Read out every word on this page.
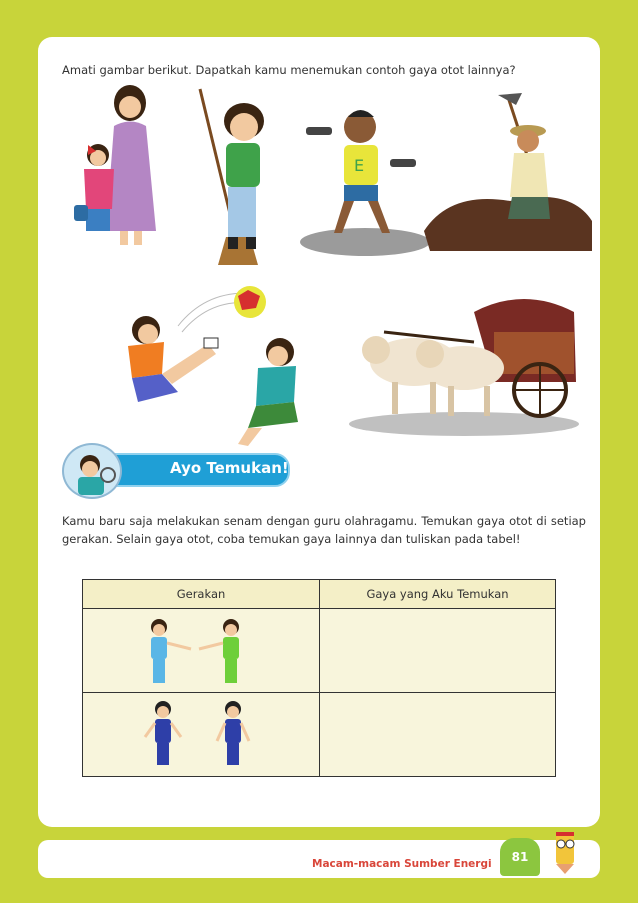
Amati gambar berikut. Dapatkah kamu menemukan contoh gaya otot lainnya?
E
Ayo Temukan!
Kamu baru saja melakukan senam dengan guru olahragamu. Temukan gaya otot di setiap gerakan. Selain gaya otot, coba temukan gaya lainnya dan tuliskan pada tabel!
Gerakan	Gaya yang Aku Temukan

Macam-macam Sumber Energi	81
